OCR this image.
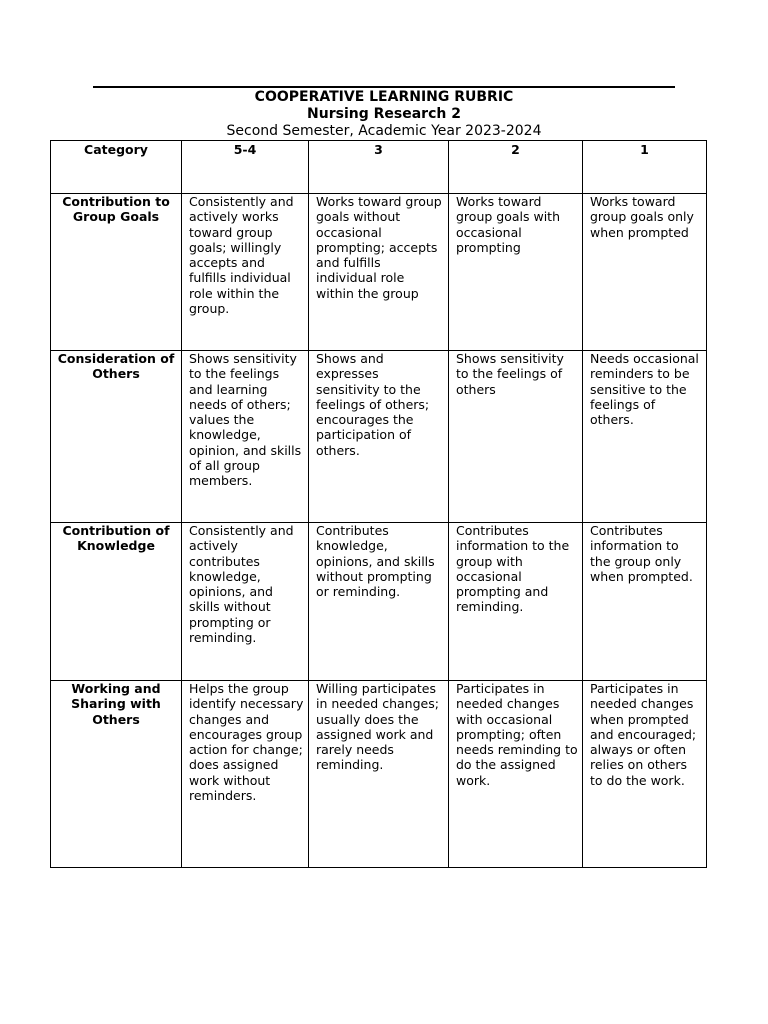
COOPERATIVE LEARNING RUBRIC
Nursing Research 2
Second Semester, Academic Year 2023-2024
Category	5-4	3	2	1
Contribution to Group Goals	Consistently and actively works toward group goals; willingly accepts and fulfills individual role within the group.	Works toward group goals without occasional prompting; accepts and fulfills individual role within the group	Works toward group goals with occasional prompting	Works toward group goals only when prompted
Consideration of Others	Shows sensitivity to the feelings and learning needs of others; values the knowledge, opinion, and skills of all group members.	Shows and expresses sensitivity to the feelings of others; encourages the participation of others.	Shows sensitivity to the feelings of others	Needs occasional reminders to be sensitive to the feelings of others.
Contribution of Knowledge	Consistently and actively contributes knowledge, opinions, and skills without prompting or reminding.	Contributes knowledge, opinions, and skills without prompting or reminding.	Contributes information to the group with occasional prompting and reminding.	Contributes information to the group only when prompted.
Working and Sharing with Others	Helps the group identify necessary changes and encourages group action for change; does assigned work without reminders.	Willing participates in needed changes; usually does the assigned work and rarely needs reminding.	Participates in needed changes with occasional prompting; often needs reminding to do the assigned work.	Participates in needed changes when prompted and encouraged; always or often relies on others to do the work.
